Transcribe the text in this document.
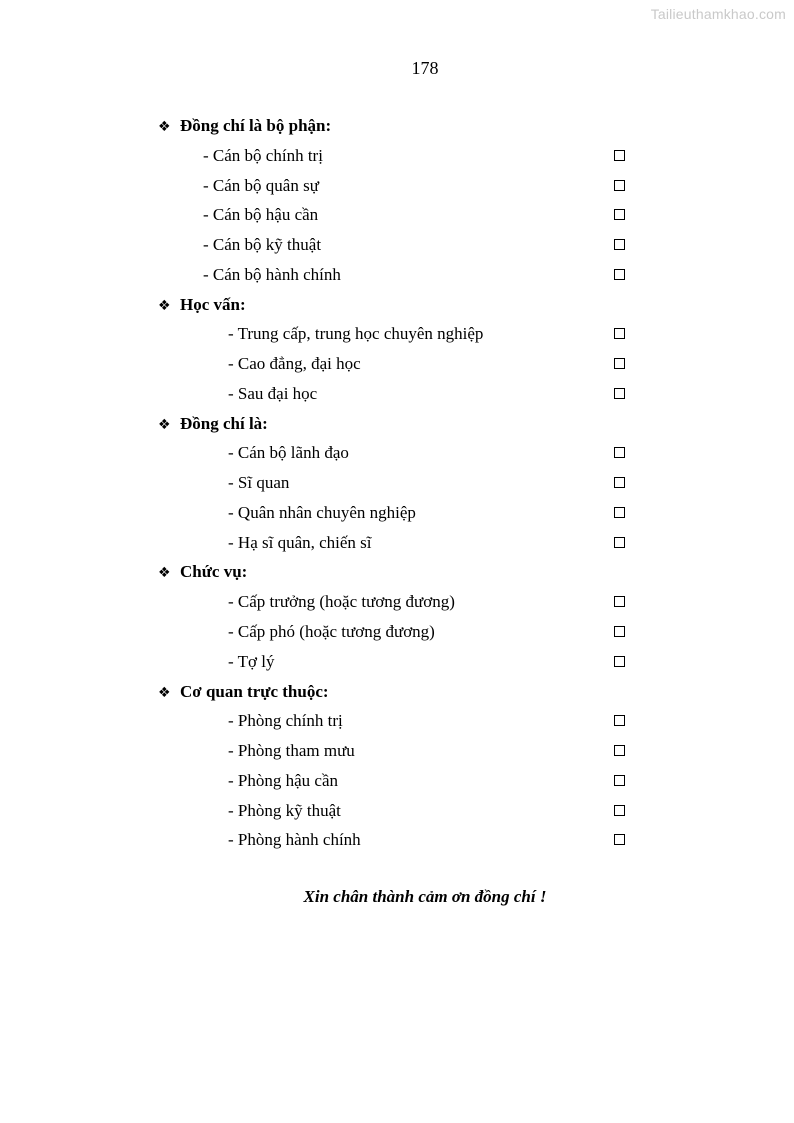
Tailieuthamkhao.com
178
❖ Đồng chí là bộ phận:
- Cán bộ chính trị
- Cán bộ quân sự
- Cán bộ hậu cần
- Cán bộ kỹ thuật
- Cán bộ hành chính
❖ Học vấn:
- Trung cấp, trung học chuyên nghiệp
- Cao đẳng, đại học
- Sau đại học
❖ Đồng chí là:
- Cán bộ lãnh đạo
- Sĩ quan
- Quân nhân chuyên nghiệp
- Hạ sĩ quân, chiến sĩ
❖ Chức vụ:
- Cấp trưởng (hoặc tương đương)
- Cấp phó (hoặc tương đương)
- Tợ lý
❖ Cơ quan trực thuộc:
- Phòng chính trị
- Phòng tham mưu
- Phòng hậu cần
- Phòng kỹ thuật
- Phòng hành chính
Xin chân thành cảm ơn đồng chí !
